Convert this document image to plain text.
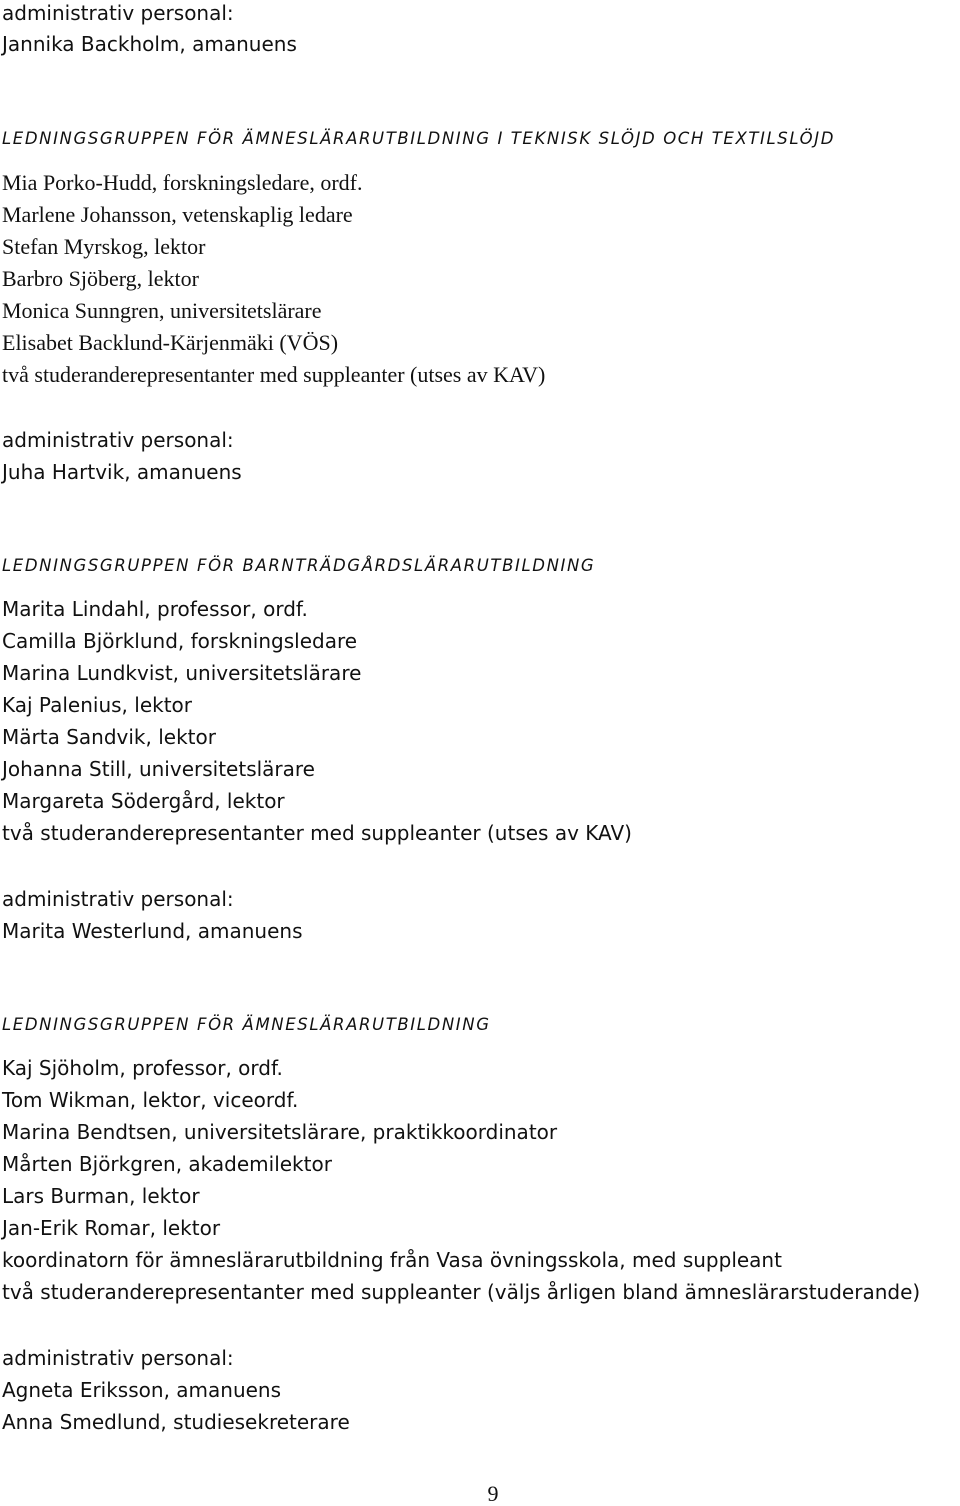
administrativ personal:
Jannika Backholm, amanuens
LEDNINGSGRUPPEN FÖR ÄMNESLÄRARUTBILDNING I TEKNISK SLÖJD OCH TEXTILSLÖJD
Mia Porko-Hudd, forskningsledare, ordf.
Marlene Johansson, vetenskaplig ledare
Stefan Myrskog, lektor
Barbro Sjöberg, lektor
Monica Sunngren, universitetslärare
Elisabet Backlund-Kärjenmäki (VÖS)
två studeranderepresentanter med suppleanter (utses av KAV)
administrativ personal:
Juha Hartvik, amanuens
LEDNINGSGRUPPEN FÖR BARNTRÄDGÅRDSLÄRARUTBILDNING
Marita Lindahl, professor, ordf.
Camilla Björklund, forskningsledare
Marina Lundkvist, universitetslärare
Kaj Palenius, lektor
Märta Sandvik, lektor
Johanna Still, universitetslärare
Margareta Södergård, lektor
två studeranderepresentanter med suppleanter (utses av KAV)
administrativ personal:
Marita Westerlund, amanuens
LEDNINGSGRUPPEN FÖR ÄMNESLÄRARUTBILDNING
Kaj Sjöholm, professor, ordf.
Tom Wikman, lektor, viceordf.
Marina Bendtsen, universitetslärare, praktikkoordinator
Mårten Björkgren, akademilektor
Lars Burman, lektor
Jan-Erik Romar, lektor
koordinatorn för ämneslärarutbildning från Vasa övningsskola, med suppleant
två studeranderepresentanter med suppleanter (väljs årligen bland ämneslärarstuderande)
administrativ personal:
Agneta Eriksson, amanuens
Anna Smedlund, studiesekreterare
9
